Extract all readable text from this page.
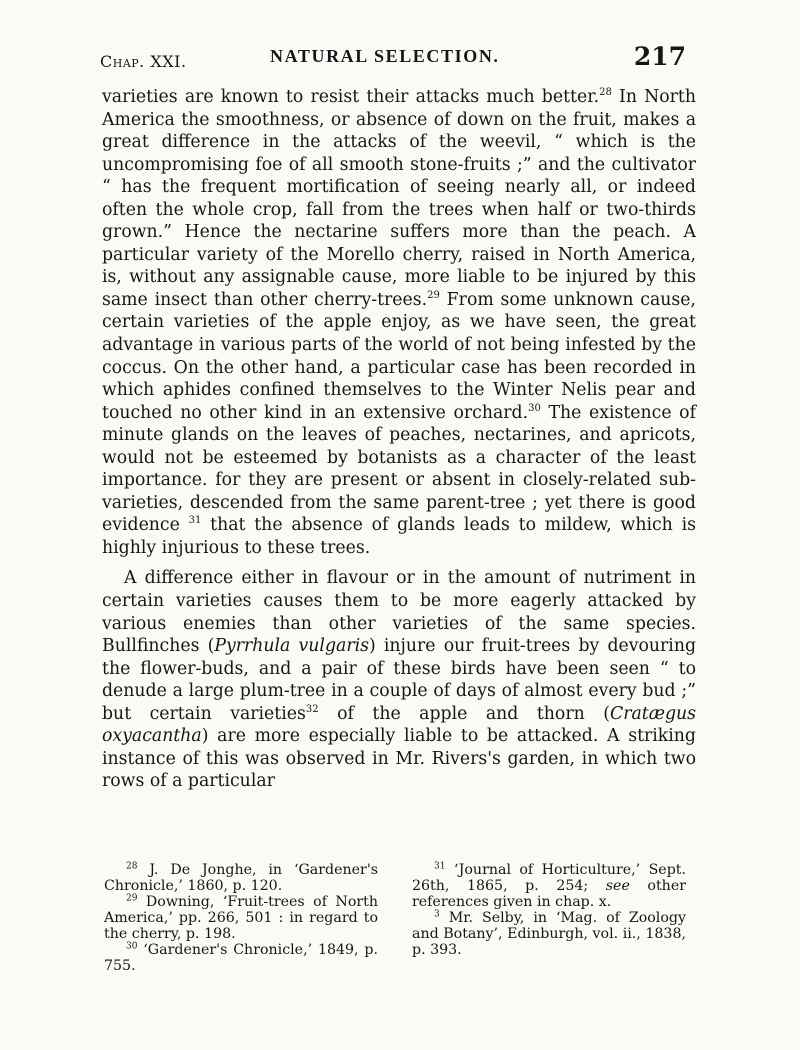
Chap. XXI.	NATURAL SELECTION.	217

varieties are known to resist their attacks much better.$^{28}$ In North America the smoothness, or absence of down on the fruit, makes a great difference in the attacks of the weevil, “ which is the uncompromising foe of all smooth stone-fruits ;” and the cultivator “ has the frequent mortification of seeing nearly all, or indeed often the whole crop, fall from the trees when half or two-thirds grown.” Hence the nectarine suffers more than the peach. A particular variety of the Morello cherry, raised in North America, is, without any assignable cause, more liable to be injured by this same insect than other cherry-trees.$^{29}$ From some unknown cause, certain varieties of the apple enjoy, as we have seen, the great advantage in various parts of the world of not being infested by the coccus. On the other hand, a particular case has been recorded in which aphides confined themselves to the Winter Nelis pear and touched no other kind in an extensive orchard.$^{30}$ The existence of minute glands on the leaves of peaches, nectarines, and apricots, would not be esteemed by botanists as a character of the least importance. for they are present or absent in closely-related sub-varieties, descended from the same parent-tree ; yet there is good evidence $^{31}$ that the absence of glands leads to mildew, which is highly injurious to these trees.

A difference either in flavour or in the amount of nutriment in certain varieties causes them to be more eagerly attacked by various enemies than other varieties of the same species. Bullfinches (Pyrrhula vulgaris) injure our fruit-trees by devouring the flower-buds, and a pair of these birds have been seen “ to denude a large plum-tree in a couple of days of almost every bud ;” but certain varieties$^{32}$ of the apple and thorn (Cratægus oxyacantha) are more especially liable to be attacked. A striking instance of this was observed in Mr. Rivers's garden, in which two rows of a particular

$^{28}$ J. De Jonghe, in ‘Gardener's Chronicle,’ 1860, p. 120.

$^{29}$ Downing, ‘Fruit-trees of North America,’ pp. 266, 501 : in regard to the cherry, p. 198.

$^{30}$ ‘Gardener's Chronicle,’ 1849, p. 755.

$^{31}$ ‘Journal of Horticulture,’ Sept. 26th, 1865, p. 254; see other references given in chap. x.

$^3$ Mr. Selby, in ‘Mag. of Zoology and Botany’, Edinburgh, vol. ii., 1838, p. 393.
